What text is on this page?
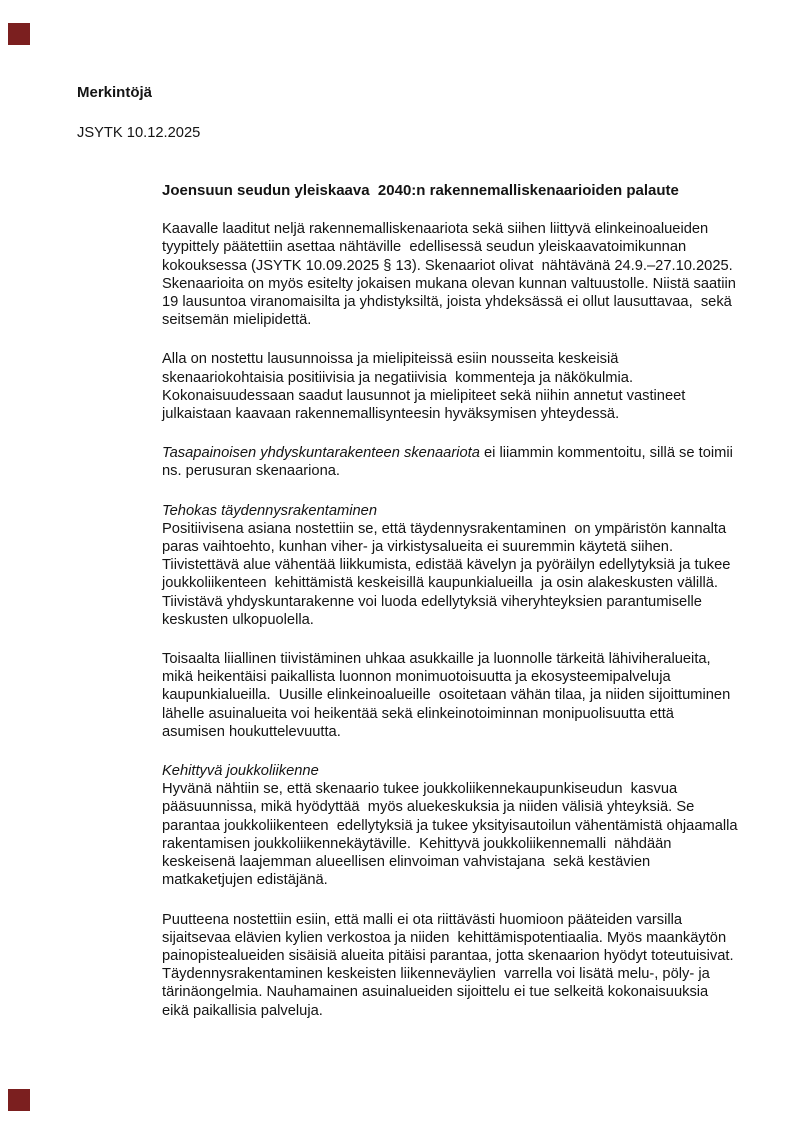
Merkintöjä
JSYTK 10.12.2025
Joensuun seudun yleiskaava  2040:n rakennemalliskenaarioiden palaute
Kaavalle laaditut neljä rakennemalliskenaariota sekä siihen liittyvä elinkeinoalueiden
tyypittely päätettiin asettaa nähtäville  edellisessä seudun yleiskaavatoimikunnan
kokouksessa (JSYTK 10.09.2025 § 13). Skenaariot olivat  nähtävänä 24.9.–27.10.2025.
Skenaarioita on myös esitelty jokaisen mukana olevan kunnan valtuustolle. Niistä saatiin
19 lausuntoa viranomaisilta ja yhdistyksiltä, joista yhdeksässä ei ollut lausuttavaa,  sekä
seitsemän mielipidettä.
Alla on nostettu lausunnoissa ja mielipiteissä esiin nousseita keskeisiä
skenaariokohtaisia positiivisia ja negatiivisia  kommenteja ja näkökulmia.
Kokonaisuudessaan saadut lausunnot ja mielipiteet sekä niihin annetut vastineet
julkaistaan kaavaan rakennemallisynteesin hyväksymisen yhteydessä.
Tasapainoisen yhdyskuntarakenteen skenaariota ei liiammin kommentoitu, sillä se toimii
ns. perusuran skenaariona.
Tehokas täydennysrakentaminen
Positiivisena asiana nostettiin se, että täydennysrakentaminen  on ympäristön kannalta
paras vaihtoehto, kunhan viher- ja virkistysalueita ei suuremmin käytetä siihen.
Tiivistettävä alue vähentää liikkumista, edistää kävelyn ja pyöräilyn edellytyksiä ja tukee
joukkoliikenteen  kehittämistä keskeisillä kaupunkialueilla  ja osin alakeskusten välillä.
Tiivistävä yhdyskuntarakenne voi luoda edellytyksiä viheryhteyksien parantumiselle
keskusten ulkopuolella.
Toisaalta liiallinen tiivistäminen uhkaa asukkaille ja luonnolle tärkeitä lähiviheralueita,
mikä heikentäisi paikallista luonnon monimuotoisuutta ja ekosysteemipalveluja
kaupunkialueilla.  Uusille elinkeinoalueille  osoitetaan vähän tilaa, ja niiden sijoittuminen
lähelle asuinalueita voi heikentää sekä elinkeinotoiminnan monipuolisuutta että
asumisen houkuttelevuutta.
Kehittyvä joukkoliikenne
Hyvänä nähtiin se, että skenaario tukee joukkoliikennekaupunkiseudun  kasvua
pääsuunnissa, mikä hyödyttää  myös aluekeskuksia ja niiden välisiä yhteyksiä. Se
parantaa joukkoliikenteen  edellytyksiä ja tukee yksityisautoilun vähentämistä ohjaamalla
rakentamisen joukkoliikennekäytäville.  Kehittyvä joukkoliikennemalli  nähdään
keskeisenä laajemman alueellisen elinvoiman vahvistajana  sekä kestävien
matkaketjujen edistäjänä.
Puutteena nostettiin esiin, että malli ei ota riittävästi huomioon pääteiden varsilla
sijaitsevaa elävien kylien verkostoa ja niiden  kehittämispotentiaalia. Myös maankäytön
painopistealueiden sisäisiä alueita pitäisi parantaa, jotta skenaarion hyödyt toteutuisivat.
Täydennysrakentaminen keskeisten liikenneväylien  varrella voi lisätä melu-, pöly- ja
tärinäongelmia. Nauhamainen asuinalueiden sijoittelu ei tue selkeitä kokonaisuuksia
eikä paikallisia palveluja.
